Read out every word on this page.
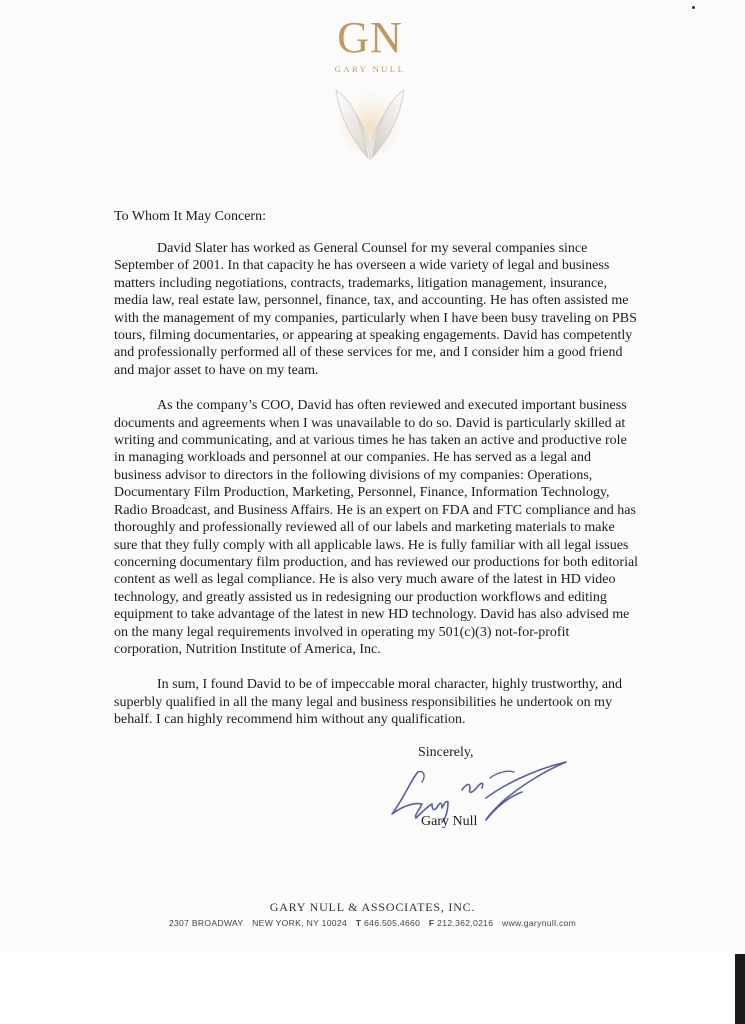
GN
GARY NULL
To Whom It May Concern:

David Slater has worked as General Counsel for my several companies since September of 2001. In that capacity he has overseen a wide variety of legal and business matters including negotiations, contracts, trademarks, litigation management, insurance, media law, real estate law, personnel, finance, tax, and accounting. He has often assisted me with the management of my companies, particularly when I have been busy traveling on PBS tours, filming documentaries, or appearing at speaking engagements. David has competently and professionally performed all of these services for me, and I consider him a good friend and major asset to have on my team.

As the company’s COO, David has often reviewed and executed important business documents and agreements when I was unavailable to do so. David is particularly skilled at writing and communicating, and at various times he has taken an active and productive role in managing workloads and personnel at our companies. He has served as a legal and business advisor to directors in the following divisions of my companies: Operations, Documentary Film Production, Marketing, Personnel, Finance, Information Technology, Radio Broadcast, and Business Affairs. He is an expert on FDA and FTC compliance and has thoroughly and professionally reviewed all of our labels and marketing materials to make sure that they fully comply with all applicable laws. He is fully familiar with all legal issues concerning documentary film production, and has reviewed our productions for both editorial content as well as legal compliance. He is also very much aware of the latest in HD video technology, and greatly assisted us in redesigning our production workflows and editing equipment to take advantage of the latest in new HD technology. David has also advised me on the many legal requirements involved in operating my 501(c)(3) not-for-profit corporation, Nutrition Institute of America, Inc.

In sum, I found David to be of impeccable moral character, highly trustworthy, and superbly qualified in all the many legal and business responsibilities he undertook on my behalf. I can highly recommend him without any qualification.

Sincerely,
Gary Null
GARY NULL & ASSOCIATES, INC.
2307 BROADWAY NEW YORK, NY 10024 T 646.505.4660 F 212.362.0216 www.garynull.com
